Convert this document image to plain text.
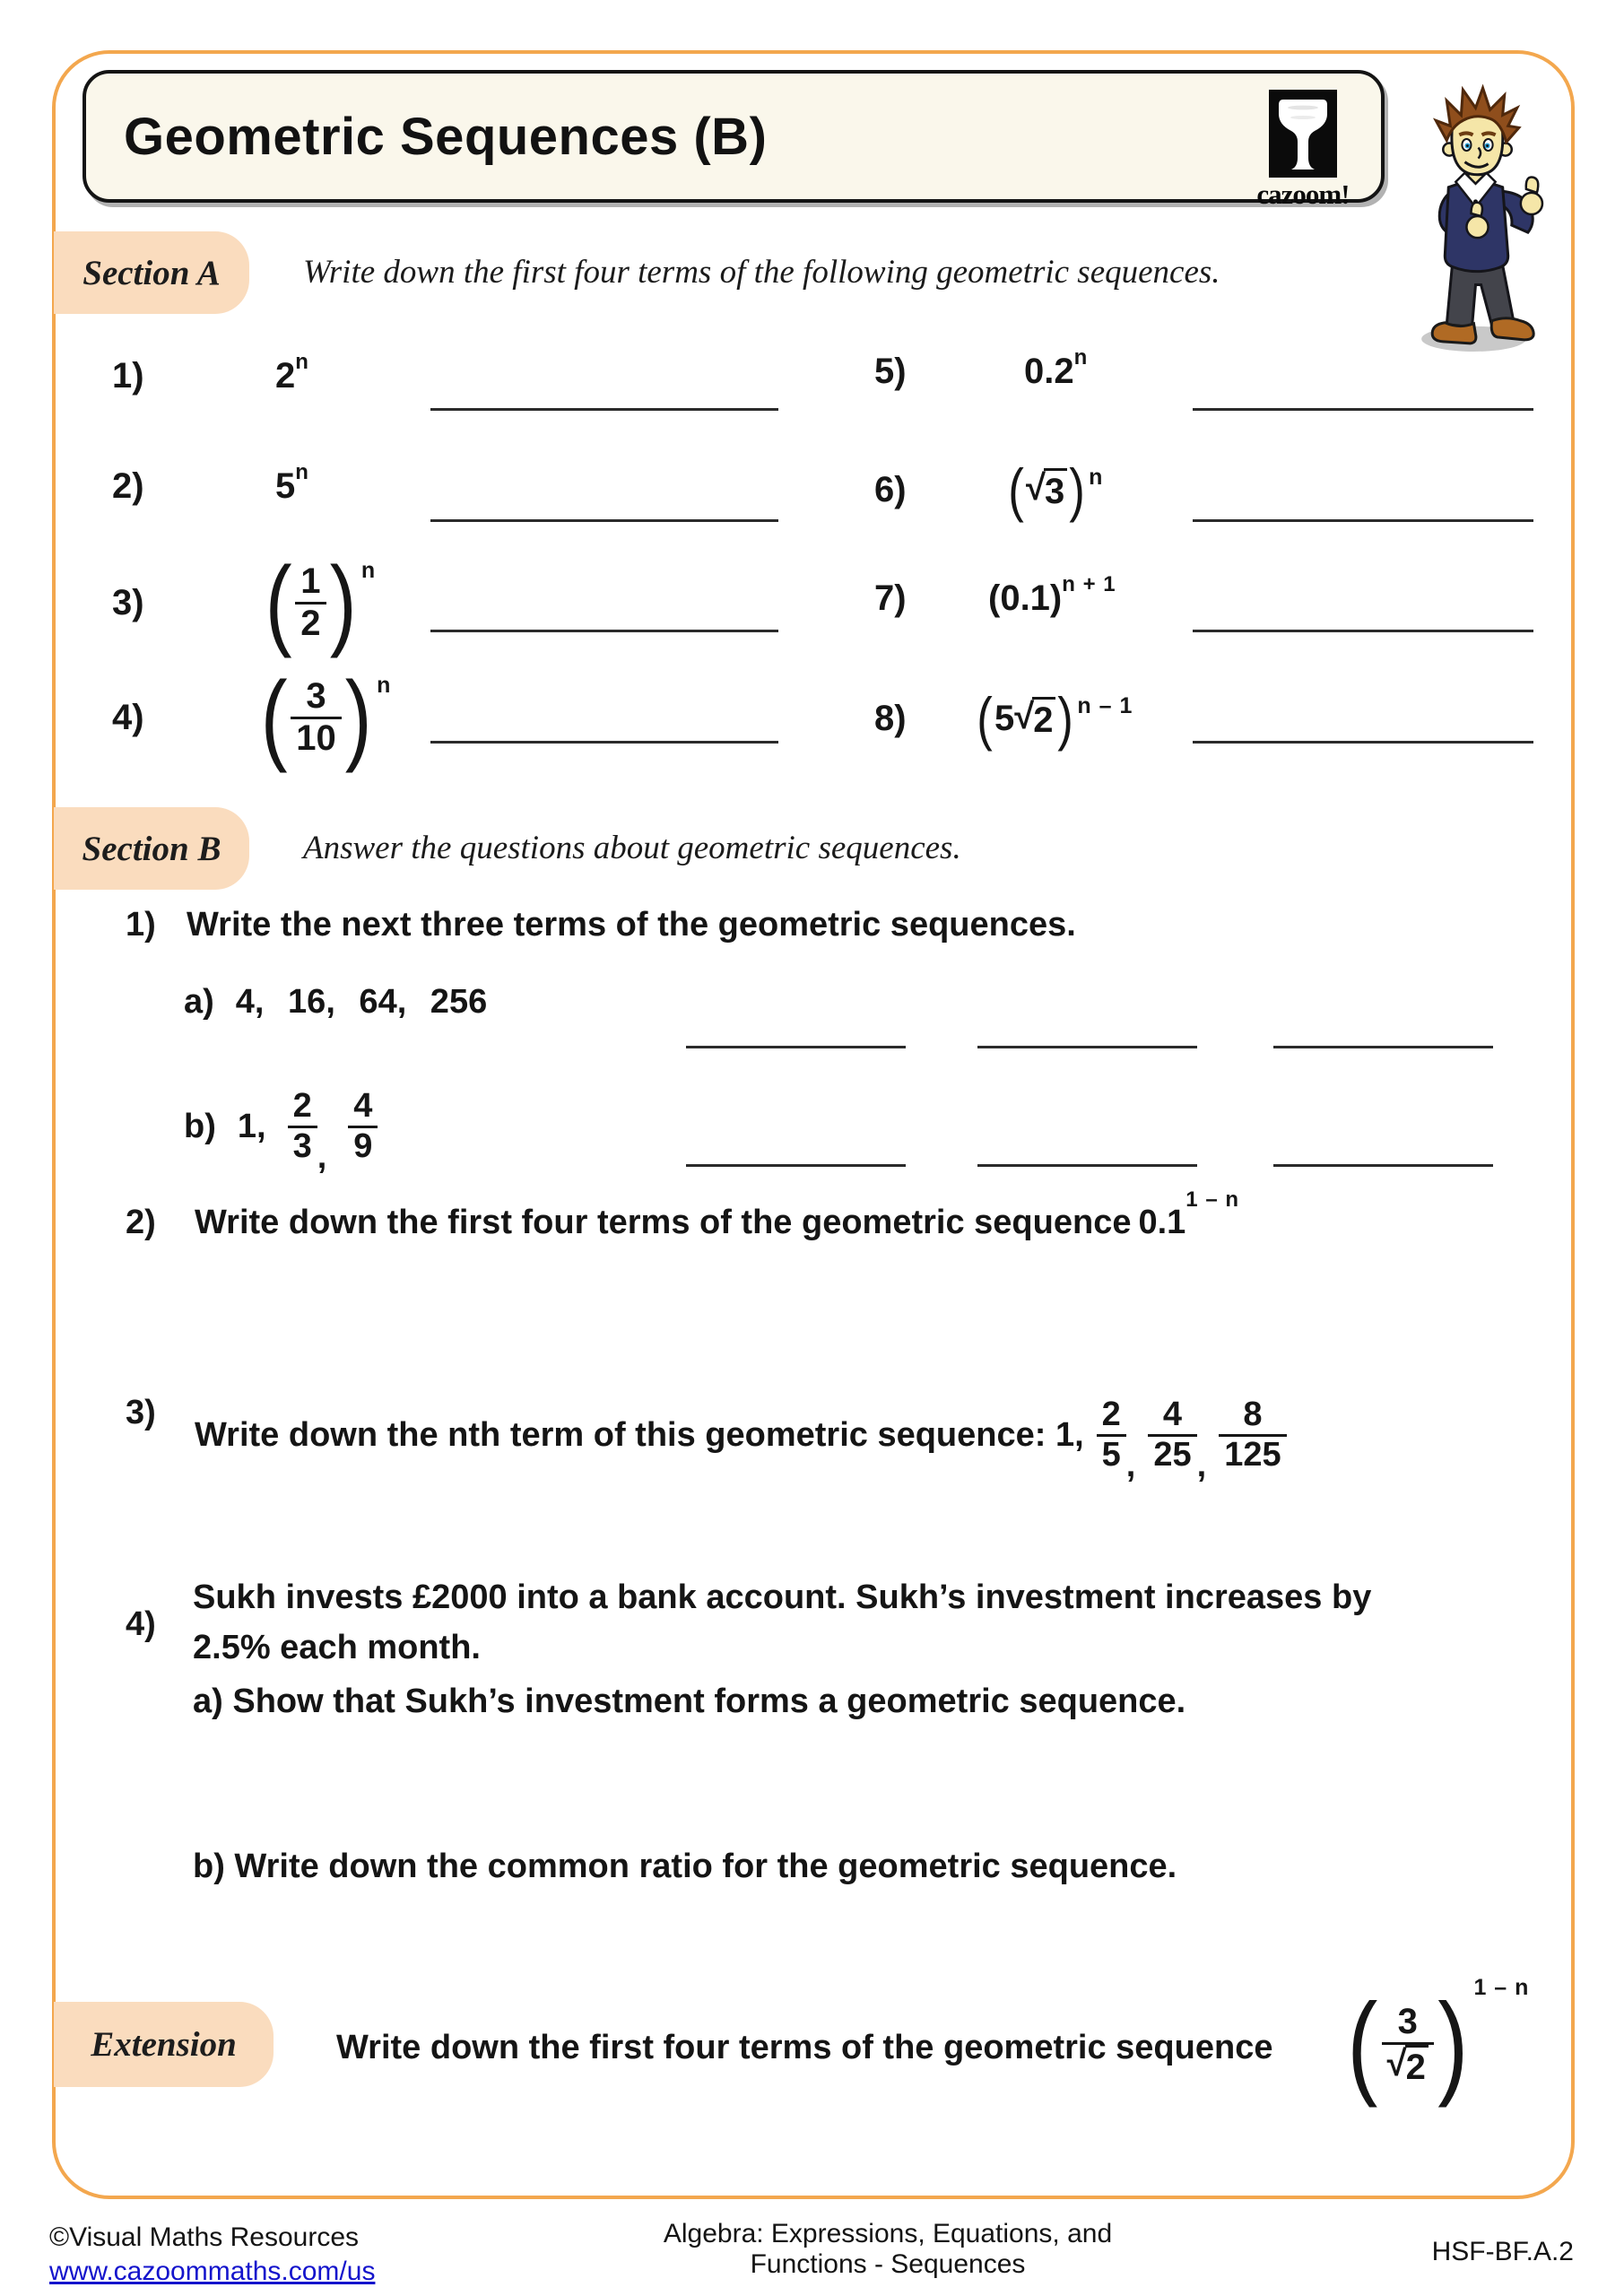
Geometric Sequences (B)
cazoom!
Section A	Write down the first four terms of the following geometric sequences.
1)	2$^n$
2)	5$^n$
3) ( $\frac{1}{2} )^n$
4) ( $\frac{3}{10} )^n$
5)	0.2$^n$
6)	( √ 3 )$^n$
7)	$(0.1)^{n + 1}$
8)	( 5 √ 2 )$^{n - 1}$
Section B	Answer the questions about geometric sequences.
1) Write the next three terms of the geometric sequences.
a) 4, 16, 64, 256
b) 1, $\frac{2}{3}$ , $\frac{4}{9}$
2)	Write down the first four terms of the geometric sequence 0.1$^{1 - n}$
3)
Write down the nth term of this geometric sequence: 1, $\frac{2}{5}$ , $\frac{4}{25}$ , $\frac{8}{125}$
4)
Sukh invests £2000 into a bank account. Sukh’s investment increases by
2.5% each month.
a) Show that Sukh’s investment forms a geometric sequence.
b) Write down the common ratio for the geometric sequence.
Extension	Write down the first four terms of the geometric sequence ( $\frac{3}{√ 2}$ ) 1 – n
©Visual Maths Resources
www.cazoommaths.com/us
Algebra: Expressions, Equations, and
Functions - Sequences	HSF-BF.A.2
